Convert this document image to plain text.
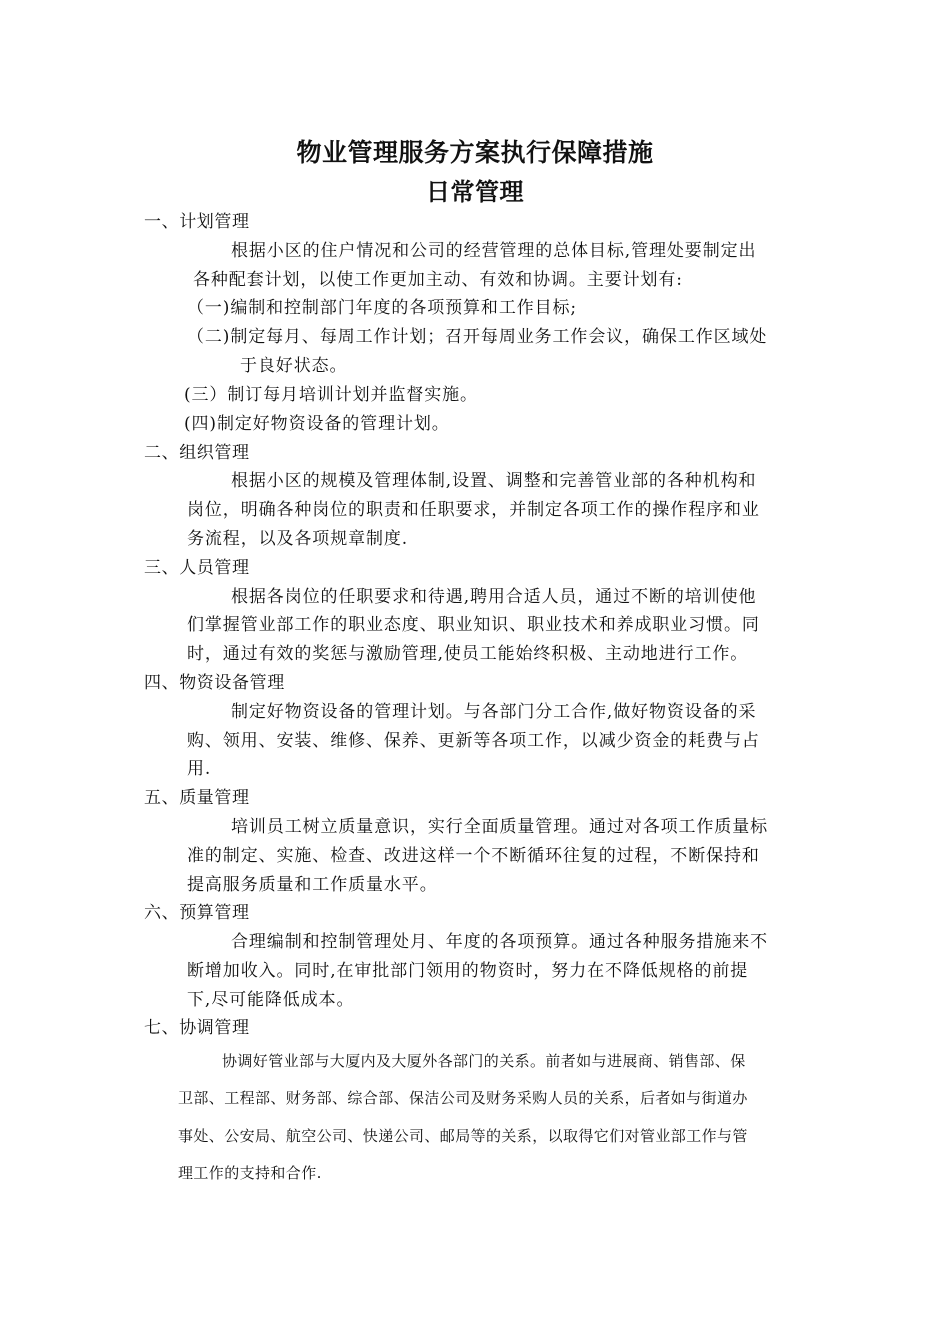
物业管理服务方案执行保障措施
日常管理
一、计划管理
根据小区的住户情况和公司的经营管理的总体目标,管理处要制定出
各种配套计划，以使工作更加主动、有效和协调。主要计划有:
（一)编制和控制部门年度的各项预算和工作目标;
（二)制定每月、每周工作计划；召开每周业务工作会议，确保工作区域处
于良好状态。
(三）制订每月培训计划并监督实施。
(四)制定好物资设备的管理计划。
二、组织管理
根据小区的规模及管理体制,设置、调整和完善管业部的各种机构和
岗位，明确各种岗位的职责和任职要求，并制定各项工作的操作程序和业
务流程，以及各项规章制度.
三、人员管理
根据各岗位的任职要求和待遇,聘用合适人员，通过不断的培训使他
们掌握管业部工作的职业态度、职业知识、职业技术和养成职业习惯。同
时，通过有效的奖惩与激励管理,使员工能始终积极、主动地进行工作。
四、物资设备管理
制定好物资设备的管理计划。与各部门分工合作,做好物资设备的采
购、领用、安装、维修、保养、更新等各项工作，以减少资金的耗费与占
用.
五、质量管理
培训员工树立质量意识，实行全面质量管理。通过对各项工作质量标
准的制定、实施、检查、改进这样一个不断循环往复的过程，不断保持和
提高服务质量和工作质量水平。
六、预算管理
合理编制和控制管理处月、年度的各项预算。通过各种服务措施来不
断增加收入。同时,在审批部门领用的物资时，努力在不降低规格的前提
下,尽可能降低成本。
七、协调管理
协调好管业部与大厦内及大厦外各部门的关系。前者如与进展商、销售部、保
卫部、工程部、财务部、综合部、保洁公司及财务采购人员的关系，后者如与街道办
事处、公安局、航空公司、快递公司、邮局等的关系，以取得它们对管业部工作与管
理工作的支持和合作.
